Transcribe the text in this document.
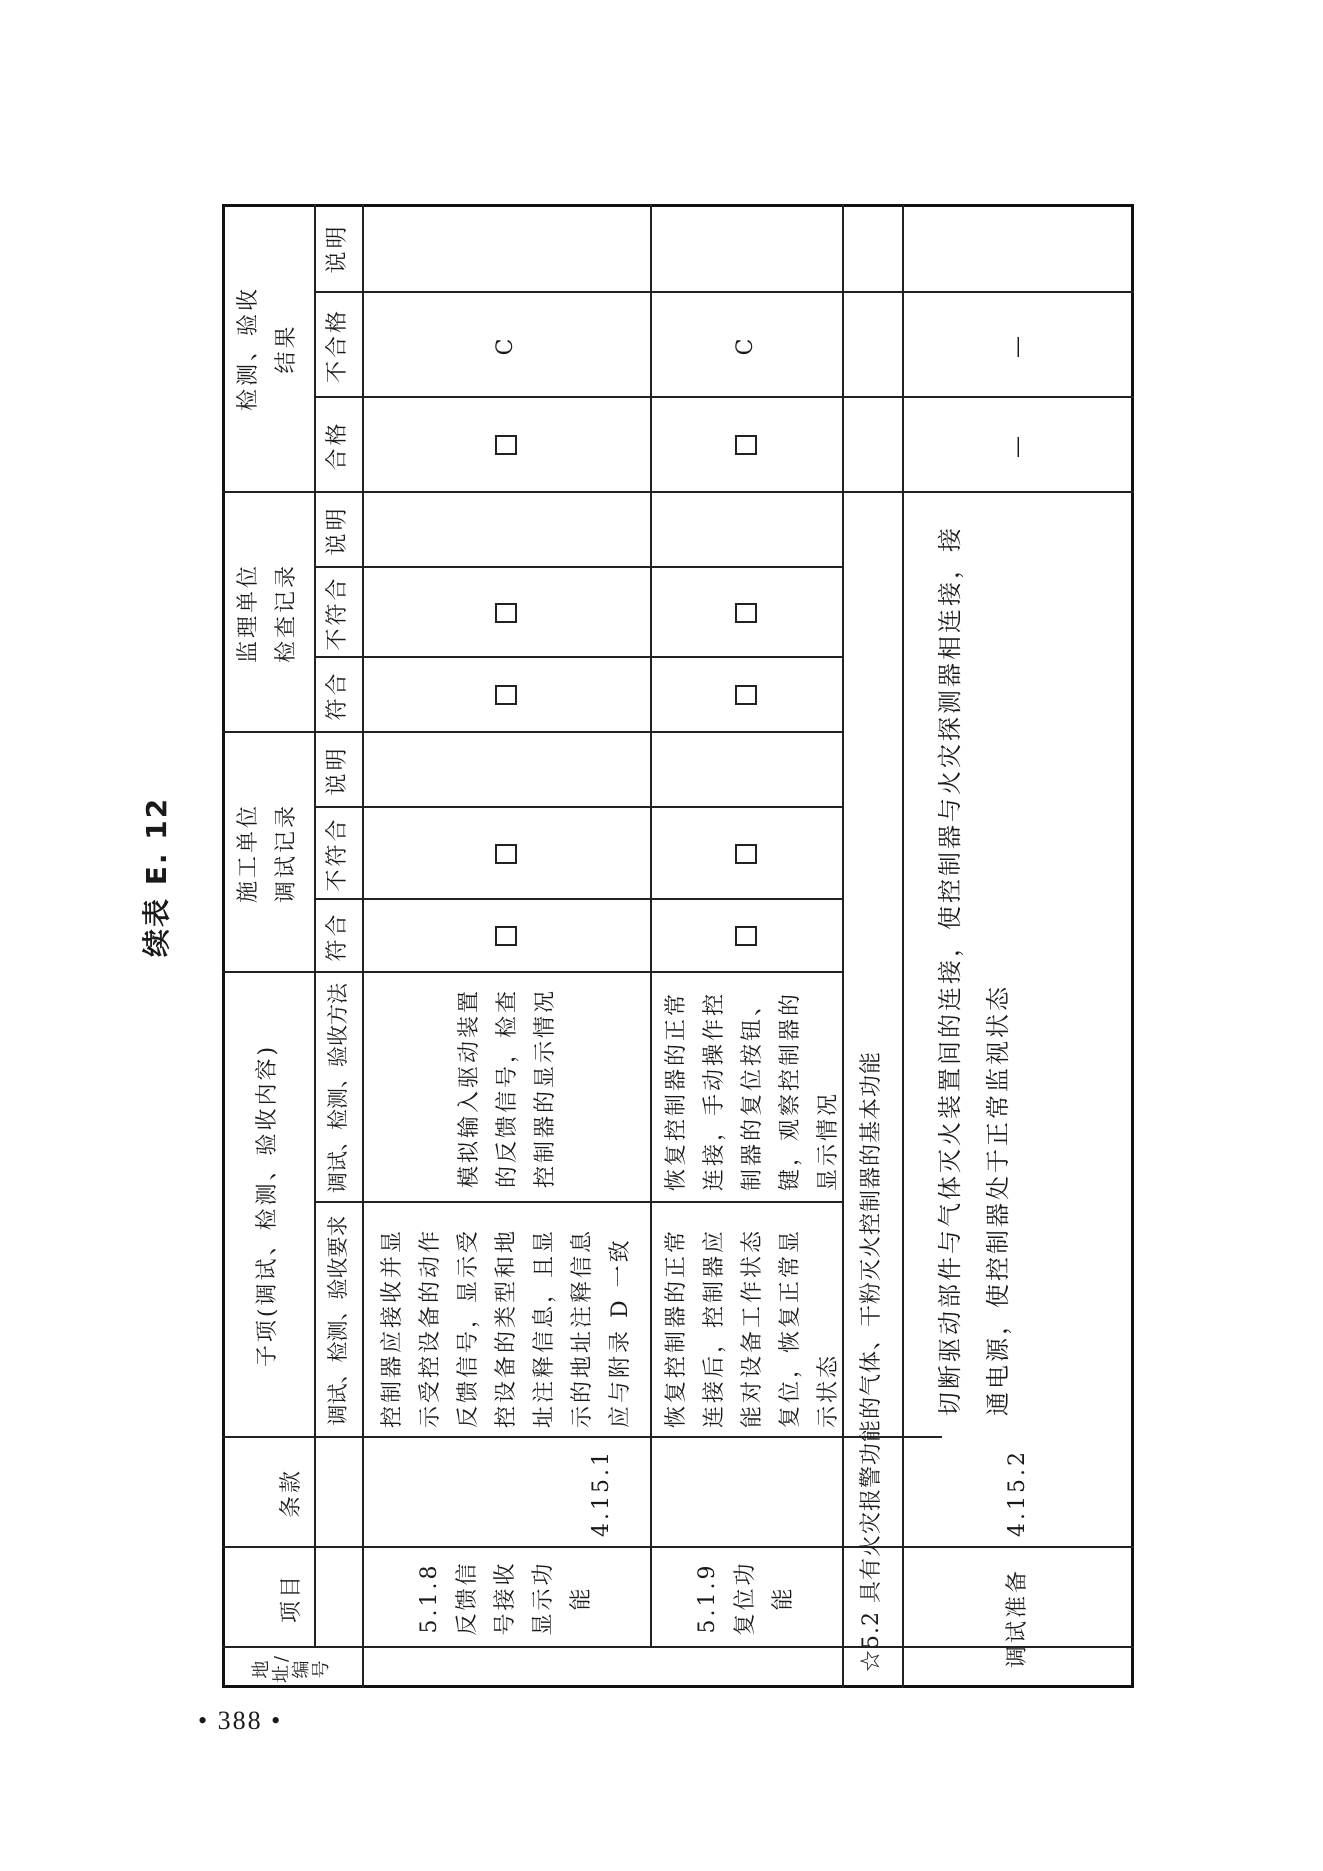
• 388 •
续表 E. 12
地址/编号
项目
条款
子项(调试、检测、验收内容)	调试、检测、验收要求
调试、检测、验收方法
施工单位调试记录
监理单位检查记录
检测、验收结果
符合
不符合
说明
符合
不符合
说明
合格
不合格
说明
5.1.8 反馈信号接收显示功能
4.15.1
控制器应接收并显示受控设备的动作反馈信号，显示受控设备的类型和地址注释信息，且显示的地址注释信息应与附录 D 一致
模拟输入驱动装置的反馈信号，检查控制器的显示情况
C
5.1.9 复位功能
恢复控制器的正常连接后，控制器应能对设备工作状态复位，恢复正常显示状态
恢复控制器的正常连接，手动操作控制器的复位按钮、键，观察控制器的显示情况
C
☆5.2 具有火灾报警功能的气体、干粉灭火控制器的基本功能	调试准备
4.15.2
切断驱动部件与气体灭火装置间的连接，使控制器与火灾探测器相连接，接通电源，使控制器处于正常监视状态
—
—
